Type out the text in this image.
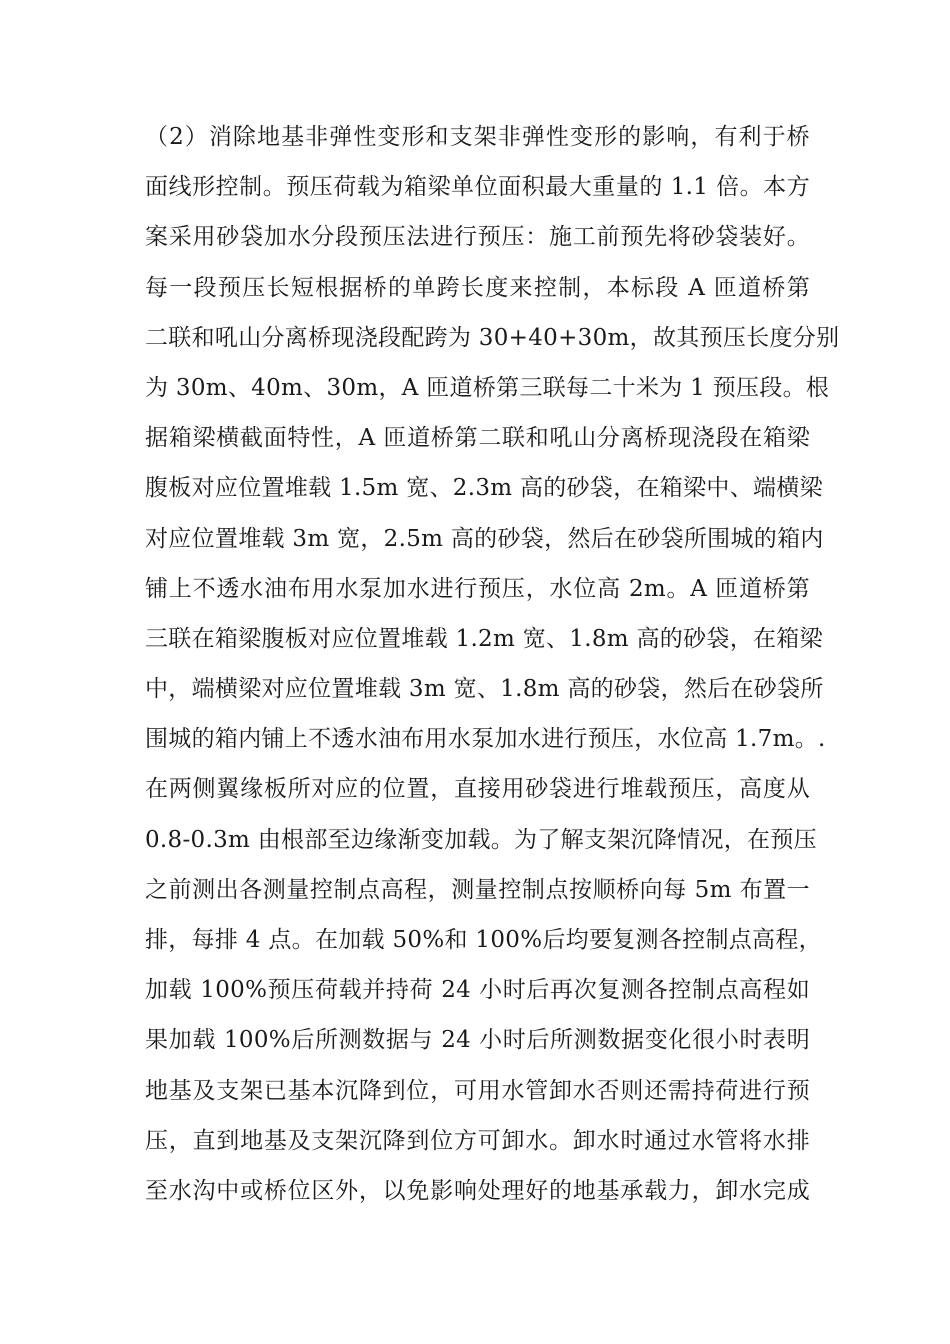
（2）消除地基非弹性变形和支架非弹性变形的影响，有利于桥
面线形控制。预压荷载为箱梁单位面积最大重量的 1.1 倍。本方
案采用砂袋加水分段预压法进行预压：施工前预先将砂袋装好。
每一段预压长短根据桥的单跨长度来控制，本标段 A 匝道桥第
二联和吼山分离桥现浇段配跨为 30+40+30m，故其预压长度分别
为 30m、40m、30m，A 匝道桥第三联每二十米为 1 预压段。根
据箱梁横截面特性，A 匝道桥第二联和吼山分离桥现浇段在箱梁
腹板对应位置堆载 1.5m 宽、2.3m 高的砂袋，在箱梁中、端横梁
对应位置堆载 3m 宽，2.5m 高的砂袋，然后在砂袋所围城的箱内
铺上不透水油布用水泵加水进行预压，水位高 2m。A 匝道桥第
三联在箱梁腹板对应位置堆载 1.2m 宽、1.8m 高的砂袋，在箱梁
中，端横梁对应位置堆载 3m 宽、1.8m 高的砂袋，然后在砂袋所
围城的箱内铺上不透水油布用水泵加水进行预压，水位高 1.7m。.
在两侧翼缘板所对应的位置，直接用砂袋进行堆载预压，高度从
0.8-0.3m 由根部至边缘渐变加载。为了解支架沉降情况，在预压
之前测出各测量控制点高程，测量控制点按顺桥向每 5m 布置一
排，每排 4 点。在加载 50%和 100%后均要复测各控制点高程，
加载 100%预压荷载并持荷 24 小时后再次复测各控制点高程如
果加载 100%后所测数据与 24 小时后所测数据变化很小时表明
地基及支架已基本沉降到位，可用水管卸水否则还需持荷进行预
压，直到地基及支架沉降到位方可卸水。卸水时通过水管将水排
至水沟中或桥位区外，以免影响处理好的地基承载力，卸水完成
